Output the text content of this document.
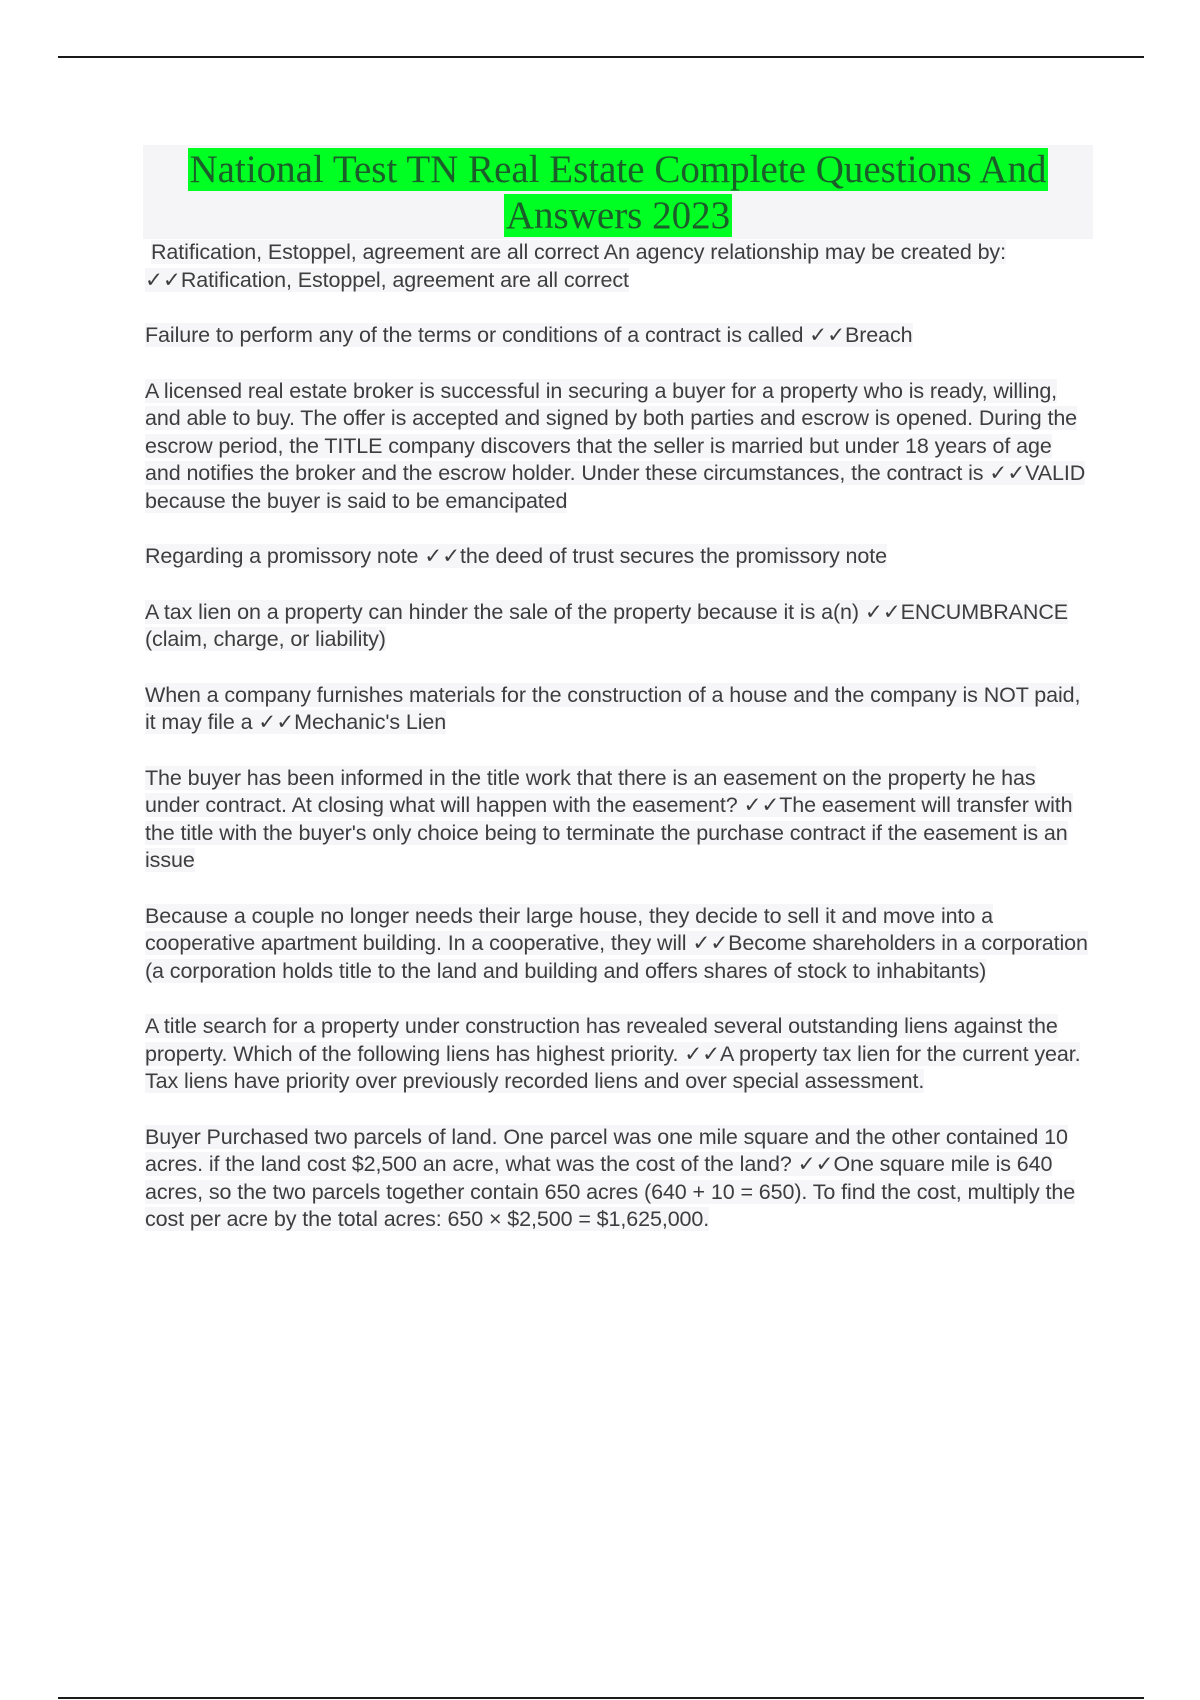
National Test TN Real Estate Complete Questions And Answers 2023

Ratification, Estoppel, agreement are all correct An agency relationship may be created by: ✓✓Ratification, Estoppel, agreement are all correct

Failure to perform any of the terms or conditions of a contract is called ✓✓Breach

A licensed real estate broker is successful in securing a buyer for a property who is ready, willing, and able to buy. The offer is accepted and signed by both parties and escrow is opened. During the escrow period, the TITLE company discovers that the seller is married but under 18 years of age and notifies the broker and the escrow holder. Under these circumstances, the contract is ✓✓VALID because the buyer is said to be emancipated

Regarding a promissory note ✓✓the deed of trust secures the promissory note

A tax lien on a property can hinder the sale of the property because it is a(n) ✓✓ENCUMBRANCE (claim, charge, or liability)

When a company furnishes materials for the construction of a house and the company is NOT paid, it may file a ✓✓Mechanic's Lien

The buyer has been informed in the title work that there is an easement on the property he has under contract. At closing what will happen with the easement? ✓✓The easement will transfer with the title with the buyer's only choice being to terminate the purchase contract if the easement is an issue

Because a couple no longer needs their large house, they decide to sell it and move into a cooperative apartment building. In a cooperative, they will ✓✓Become shareholders in a corporation (a corporation holds title to the land and building and offers shares of stock to inhabitants)

A title search for a property under construction has revealed several outstanding liens against the property. Which of the following liens has highest priority. ✓✓A property tax lien for the current year. Tax liens have priority over previously recorded liens and over special assessment.

Buyer Purchased two parcels of land. One parcel was one mile square and the other contained 10 acres. if the land cost $2,500 an acre, what was the cost of the land? ✓✓One square mile is 640 acres, so the two parcels together contain 650 acres (640 + 10 = 650). To find the cost, multiply the cost per acre by the total acres: 650 × $2,500 = $1,625,000.
